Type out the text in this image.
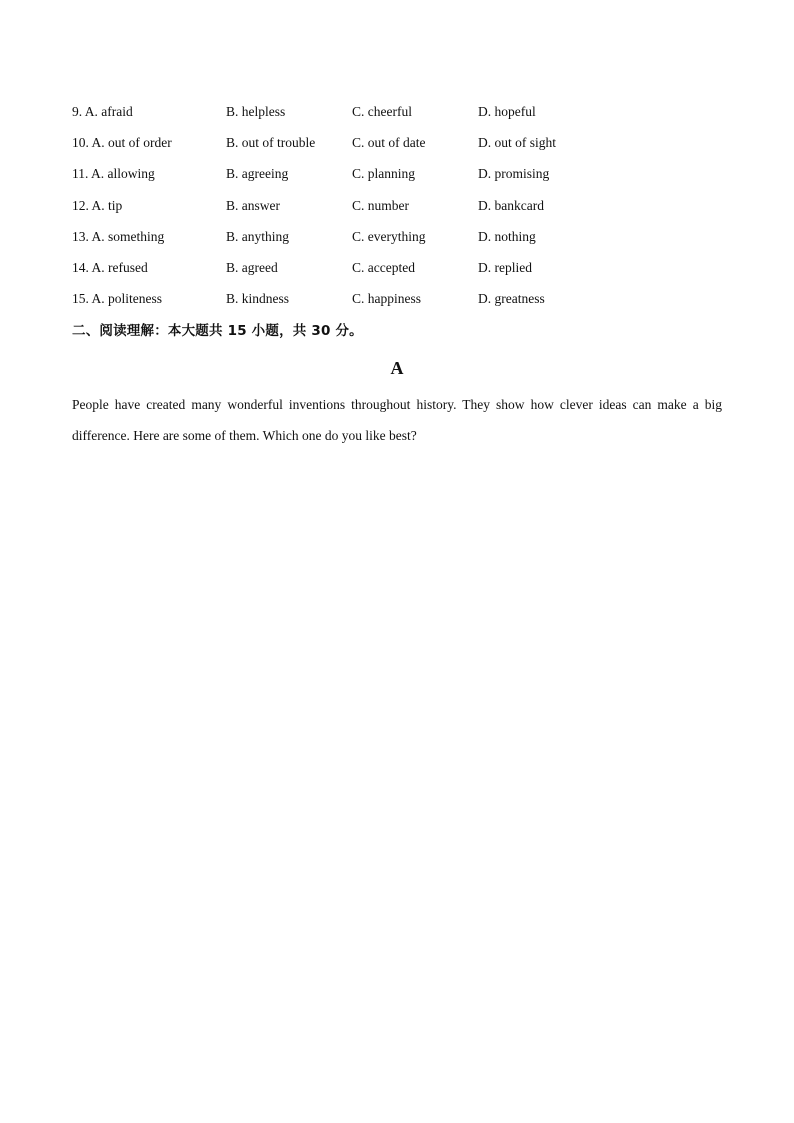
9. A. afraid	B. helpless	C. cheerful	D. hopeful
10. A. out of order	B. out of trouble	C. out of date	D. out of sight
11. A. allowing	B. agreeing	C. planning	D. promising
12. A. tip	B. answer	C. number	D. bankcard
13. A. something	B. anything	C. everything	D. nothing
14. A. refused	B. agreed	C. accepted	D. replied
15. A. politeness	B. kindness	C. happiness	D. greatness
二、阅读理解：本大题共 15 小题，共 30 分。
A
People have created many wonderful inventions throughout history. They show how clever ideas can make a big difference. Here are some of them. Which one do you like best?
